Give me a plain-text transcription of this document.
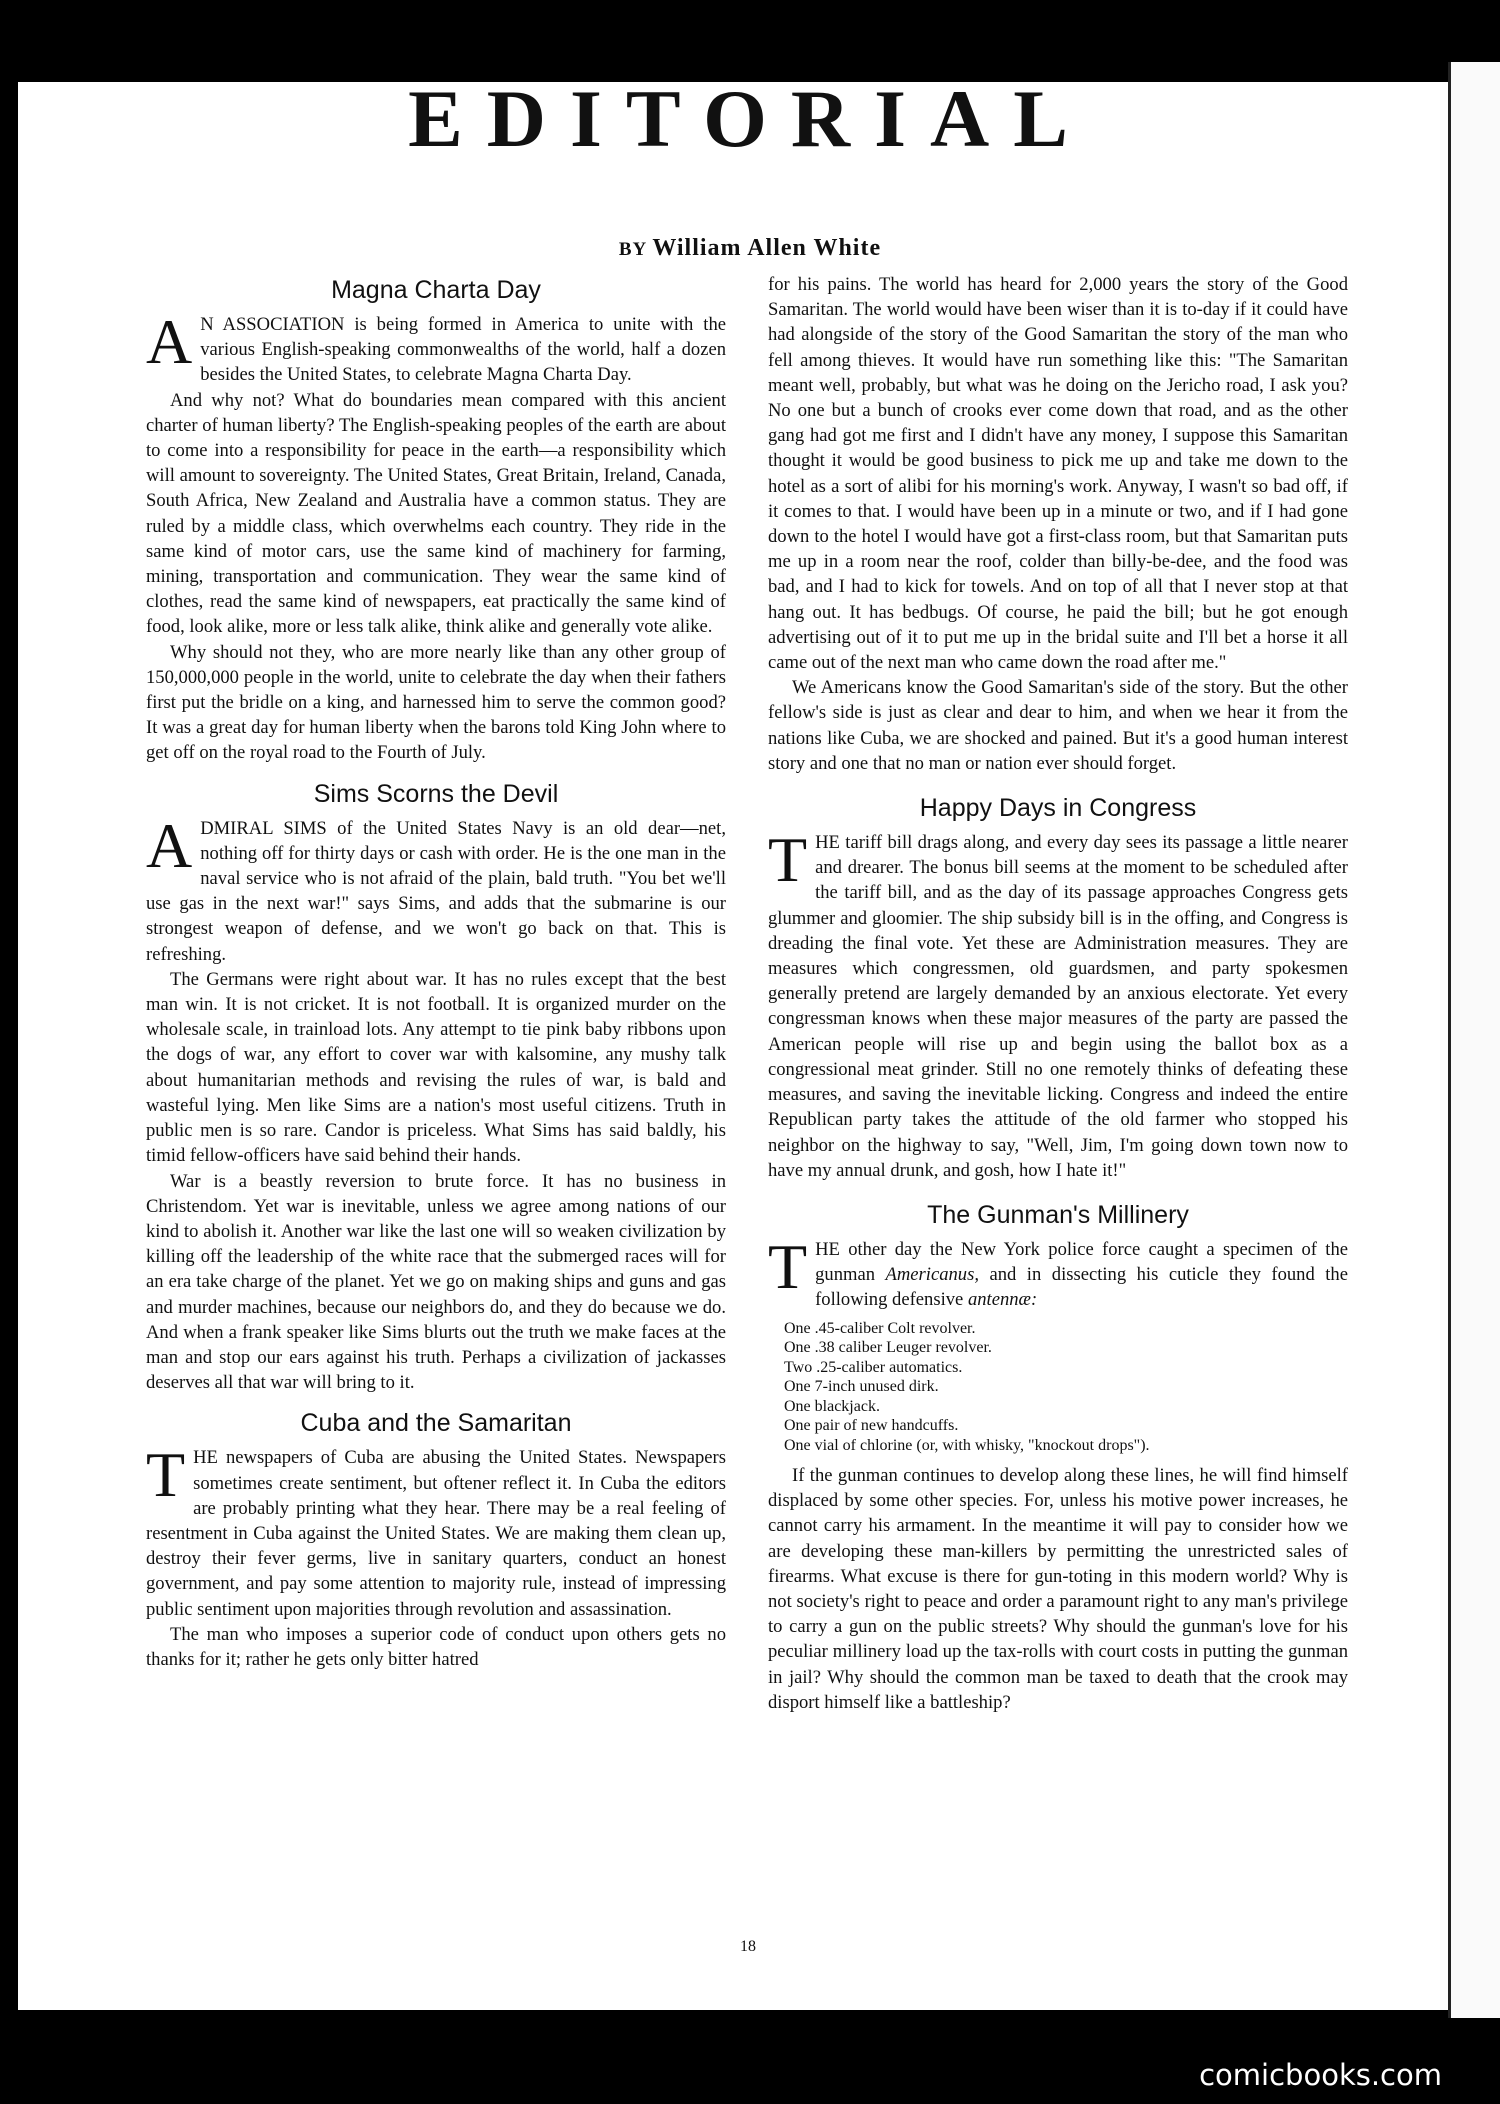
EDITORIAL
BY William Allen White
Magna Charta Day

A N ASSOCIATION is being formed in America to unite with the various English-speaking commonwealths of the world, half a dozen besides the United States, to celebrate Magna Charta Day.

And why not? What do boundaries mean compared with this ancient charter of human liberty? The English-speaking peoples of the earth are about to come into a responsibility for peace in the earth—a responsibility which will amount to sovereignty. The United States, Great Britain, Ireland, Canada, South Africa, New Zealand and Australia have a common status. They are ruled by a middle class, which overwhelms each country. They ride in the same kind of motor cars, use the same kind of machinery for farming, mining, transportation and communication. They wear the same kind of clothes, read the same kind of newspapers, eat practically the same kind of food, look alike, more or less talk alike, think alike and generally vote alike.

Why should not they, who are more nearly like than any other group of 150,000,000 people in the world, unite to celebrate the day when their fathers first put the bridle on a king, and harnessed him to serve the common good? It was a great day for human liberty when the barons told King John where to get off on the royal road to the Fourth of July.

Sims Scorns the Devil

ADMIRAL SIMS of the United States Navy is an old dear—net, nothing off for thirty days or cash with order. He is the one man in the naval service who is not afraid of the plain, bald truth. "You bet we'll use gas in the next war!" says Sims, and adds that the submarine is our strongest weapon of defense, and we won't go back on that. This is refreshing.

The Germans were right about war. It has no rules except that the best man win. It is not cricket. It is not football. It is organized murder on the wholesale scale, in trainload lots. Any attempt to tie pink baby ribbons upon the dogs of war, any effort to cover war with kalsomine, any mushy talk about humanitarian methods and revising the rules of war, is bald and wasteful lying. Men like Sims are a nation's most useful citizens. Truth in public men is so rare. Candor is priceless. What Sims has said baldly, his timid fellow-officers have said behind their hands.

War is a beastly reversion to brute force. It has no business in Christendom. Yet war is inevitable, unless we agree among nations of our kind to abolish it. Another war like the last one will so weaken civilization by killing off the leadership of the white race that the submerged races will for an era take charge of the planet. Yet we go on making ships and guns and gas and murder machines, because our neighbors do, and they do because we do. And when a frank speaker like Sims blurts out the truth we make faces at the man and stop our ears against his truth. Perhaps a civilization of jackasses deserves all that war will bring to it.

Cuba and the Samaritan

THE newspapers of Cuba are abusing the United States. Newspapers sometimes create sentiment, but oftener reflect it. In Cuba the editors are probably printing what they hear. There may be a real feeling of resentment in Cuba against the United States. We are making them clean up, destroy their fever germs, live in sanitary quarters, conduct an honest government, and pay some attention to majority rule, instead of impressing public sentiment upon majorities through revolution and assassination.

The man who imposes a superior code of conduct upon others gets no thanks for it; rather he gets only bitter hatred

for his pains. The world has heard for 2,000 years the story of the Good Samaritan. The world would have been wiser than it is to-day if it could have had alongside of the story of the Good Samaritan the story of the man who fell among thieves. It would have run something like this: "The Samaritan meant well, probably, but what was he doing on the Jericho road, I ask you? No one but a bunch of crooks ever come down that road, and as the other gang had got me first and I didn't have any money, I suppose this Samaritan thought it would be good business to pick me up and take me down to the hotel as a sort of alibi for his morning's work. Anyway, I wasn't so bad off, if it comes to that. I would have been up in a minute or two, and if I had gone down to the hotel I would have got a first-class room, but that Samaritan puts me up in a room near the roof, colder than billy-be-dee, and the food was bad, and I had to kick for towels. And on top of all that I never stop at that hang out. It has bedbugs. Of course, he paid the bill; but he got enough advertising out of it to put me up in the bridal suite and I'll bet a horse it all came out of the next man who came down the road after me."

We Americans know the Good Samaritan's side of the story. But the other fellow's side is just as clear and dear to him, and when we hear it from the nations like Cuba, we are shocked and pained. But it's a good human interest story and one that no man or nation ever should forget.

Happy Days in Congress

THE tariff bill drags along, and every day sees its passage a little nearer and drearer. The bonus bill seems at the moment to be scheduled after the tariff bill, and as the day of its passage approaches Congress gets glummer and gloomier. The ship subsidy bill is in the offing, and Congress is dreading the final vote. Yet these are Administration measures. They are measures which congressmen, old guardsmen, and party spokesmen generally pretend are largely demanded by an anxious electorate. Yet every congressman knows when these major measures of the party are passed the American people will rise up and begin using the ballot box as a congressional meat grinder. Still no one remotely thinks of defeating these measures, and saving the inevitable licking. Congress and indeed the entire Republican party takes the attitude of the old farmer who stopped his neighbor on the highway to say, "Well, Jim, I'm going down town now to have my annual drunk, and gosh, how I hate it!"

The Gunman's Millinery

THE other day the New York police force caught a specimen of the gunman Americanus, and in dissecting his cuticle they found the following defensive antennæ:

One .45-caliber Colt revolver.
One .38 caliber Leuger revolver.
Two .25-caliber automatics.
One 7-inch unused dirk.
One blackjack.
One pair of new handcuffs.
One vial of chlorine (or, with whisky, "knockout drops").

If the gunman continues to develop along these lines, he will find himself displaced by some other species. For, unless his motive power increases, he cannot carry his armament. In the meantime it will pay to consider how we are developing these man-killers by permitting the unrestricted sales of firearms. What excuse is there for gun-toting in this modern world? Why is not society's right to peace and order a paramount right to any man's privilege to carry a gun on the public streets? Why should the gunman's love for his peculiar millinery load up the tax-rolls with court costs in putting the gunman in jail? Why should the common man be taxed to death that the crook may disport himself like a battleship?

18
comicbooks.com
